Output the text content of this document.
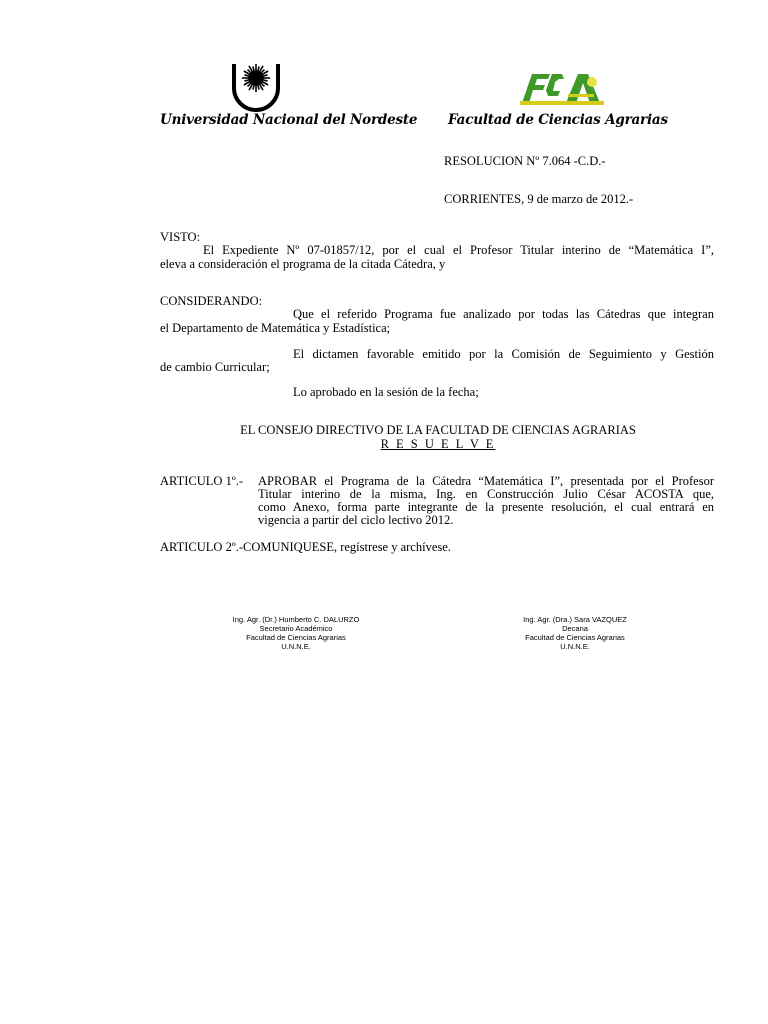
Universidad Nacional del Nordeste Facultad de Ciencias Agrarias
RESOLUCION Nº 7.064 -C.D.-
CORRIENTES, 9 de marzo de 2012.-
VISTO:
El Expediente Nº 07-01857/12, por el cual el Profesor Titular interino de “Matemática I”,
eleva a consideración el programa de la citada Cátedra, y
CONSIDERANDO:
Que el referido Programa fue analizado por todas las Cátedras que integran
el Departamento de Matemática y Estadística;
El dictamen favorable emitido por la Comisión de Seguimiento y Gestión
de cambio Curricular;
Lo aprobado en la sesión de la fecha;
EL CONSEJO DIRECTIVO DE LA FACULTAD DE CIENCIAS AGRARIAS
R E S U E L V E
ARTICULO 1º.- APROBAR el Programa de la Cátedra “Matemática I”, presentada por el Profesor
Titular interino de la misma, Ing. en Construcción Julio César ACOSTA que,
como Anexo, forma parte integrante de la presente resolución, el cual entrará en
vigencia a partir del ciclo lectivo 2012.
ARTICULO 2º.-COMUNIQUESE, regístrese y archívese.
Ing. Agr. (Dr.) Humberto C. DALURZO
Secretario Académico
Facultad de Ciencias Agrarias
U.N.N.E.
Ing. Agr. (Dra.) Sara VAZQUEZ
Decana
Facultad de Ciencias Agrarias
U.N.N.E.
